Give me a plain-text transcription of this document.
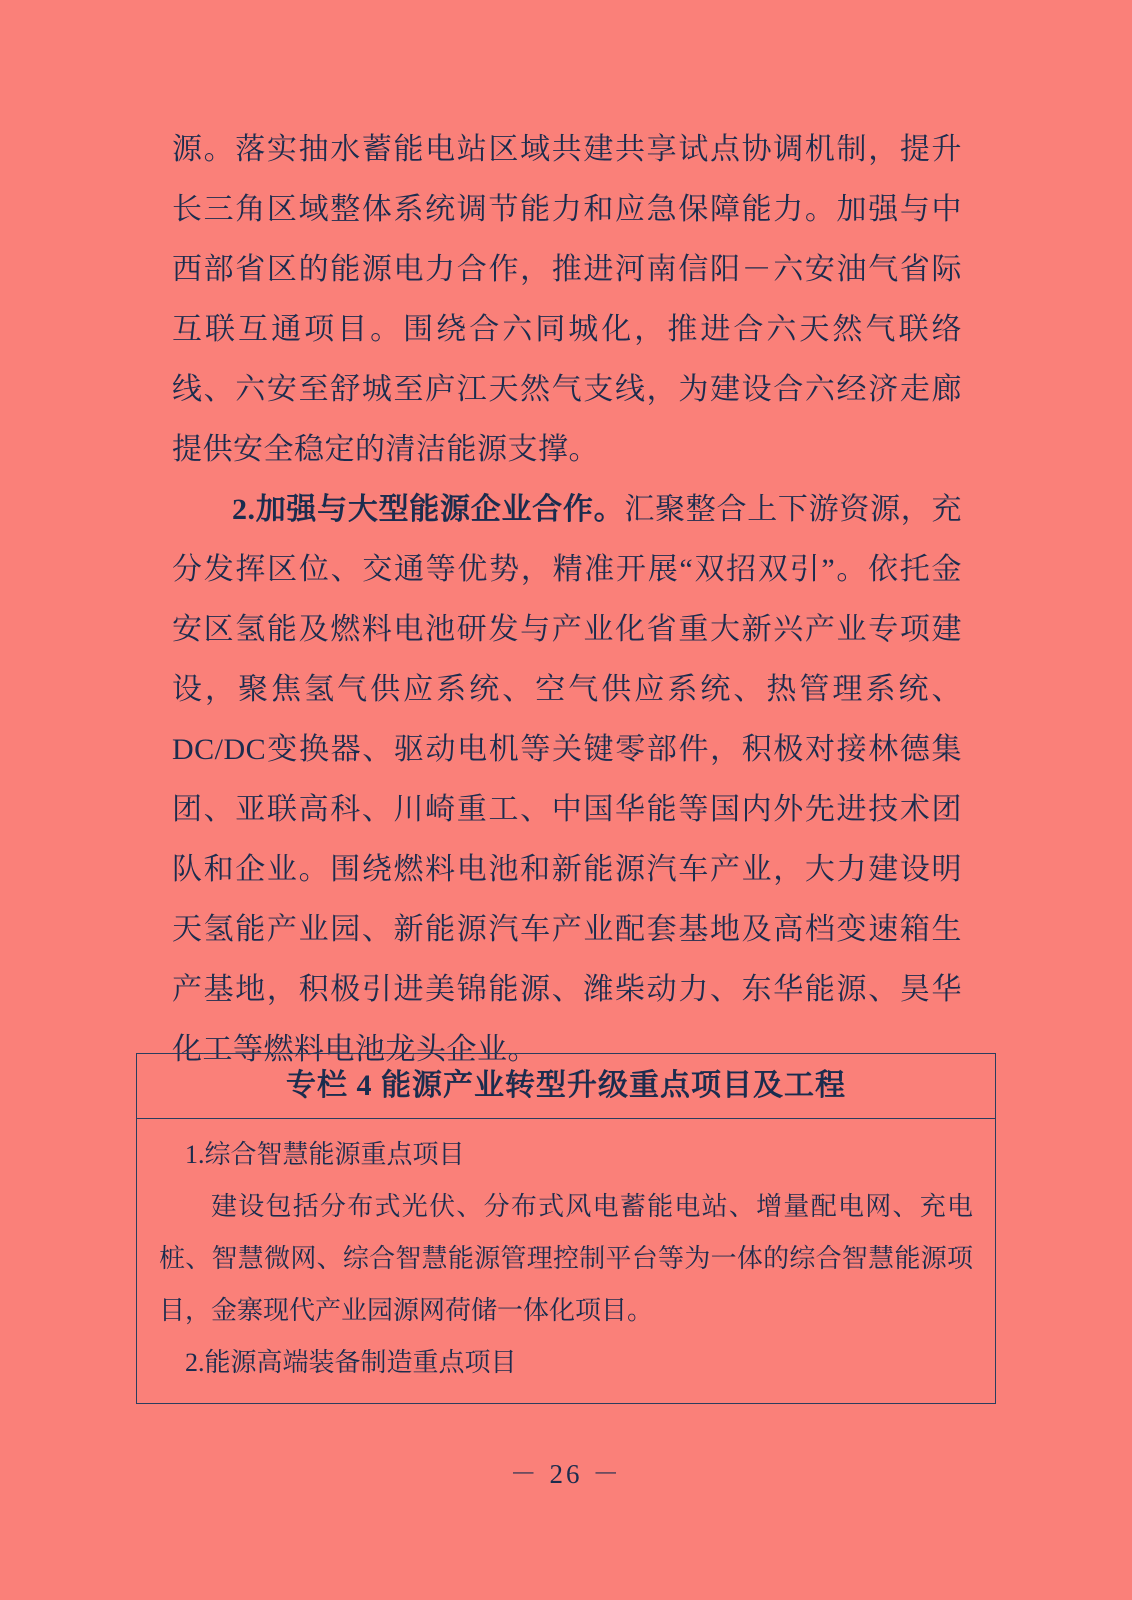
源。落实抽水蓄能电站区域共建共享试点协调机制，提升长三角区域整体系统调节能力和应急保障能力。加强与中西部省区的能源电力合作，推进河南信阳－六安油气省际互联互通项目。围绕合六同城化，推进合六天然气联络线、六安至舒城至庐江天然气支线，为建设合六经济走廊提供安全稳定的清洁能源支撑。

2.加强与大型能源企业合作。汇聚整合上下游资源，充分发挥区位、交通等优势，精准开展“双招双引”。依托金安区氢能及燃料电池研发与产业化省重大新兴产业专项建设，聚焦氢气供应系统、空气供应系统、热管理系统、DC/DC变换器、驱动电机等关键零部件，积极对接林德集团、亚联高科、川崎重工、中国华能等国内外先进技术团队和企业。围绕燃料电池和新能源汽车产业，大力建设明天氢能产业园、新能源汽车产业配套基地及高档变速箱生产基地，积极引进美锦能源、潍柴动力、东华能源、昊华化工等燃料电池龙头企业。

专栏 4 能源产业转型升级重点项目及工程

1.综合智慧能源重点项目

建设包括分布式光伏、分布式风电蓄能电站、增量配电网、充电桩、智慧微网、综合智慧能源管理控制平台等为一体的综合智慧能源项目，金寨现代产业园源网荷储一体化项目。

2.能源高端装备制造重点项目

－ 26 －
